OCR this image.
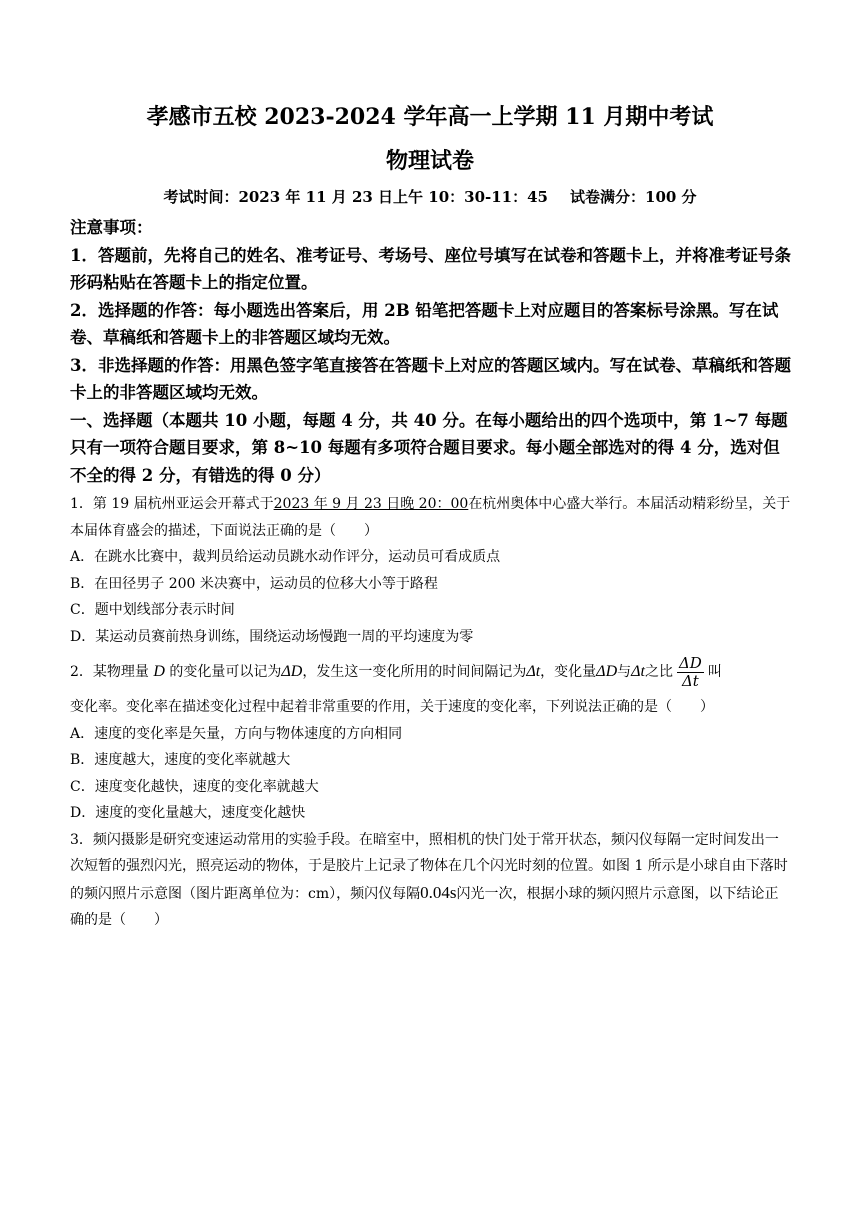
孝感市五校 2023-2024 学年高一上学期 11 月期中考试
物理试卷
考试时间：2023 年 11 月 23 日上午 10：30-11：45 试卷满分：100 分
注意事项：
1．答题前，先将自己的姓名、准考证号、考场号、座位号填写在试卷和答题卡上，并将准考证号条形码粘贴在答题卡上的指定位置。
2．选择题的作答：每小题选出答案后，用 2B 铅笔把答题卡上对应题目的答案标号涂黑。写在试卷、草稿纸和答题卡上的非答题区域均无效。
3．非选择题的作答：用黑色签字笔直接答在答题卡上对应的答题区域内。写在试卷、草稿纸和答题卡上的非答题区域均无效。
一、选择题（本题共 10 小题，每题 4 分，共 40 分。在每小题给出的四个选项中，第 1~7 每题只有一项符合题目要求，第 8~10 每题有多项符合题目要求。每小题全部选对的得 4 分，选对但不全的得 2 分，有错选的得 0 分）
1．第 19 届杭州亚运会开幕式于2023 年 9 月 23 日晚 20：00在杭州奥体中心盛大举行。本届活动精彩纷呈，关于本届体育盛会的描述，下面说法正确的是（　　）
A．在跳水比赛中，裁判员给运动员跳水动作评分，运动员可看成质点
B．在田径男子 200 米决赛中，运动员的位移大小等于路程
C．题中划线部分表示时间
D．某运动员赛前热身训练，围绕运动场慢跑一周的平均速度为零
2．某物理量 D 的变化量可以记为ΔD，发生这一变化所用的时间间隔记为Δt，变化量ΔD与Δt之比 $\frac{\Delta D}{\Delta t}$ 叫
变化率。变化率在描述变化过程中起着非常重要的作用，关于速度的变化率，下列说法正确的是（　　）
A．速度的变化率是矢量，方向与物体速度的方向相同
B．速度越大，速度的变化率就越大
C．速度变化越快，速度的变化率就越大
D．速度的变化量越大，速度变化越快
3．频闪摄影是研究变速运动常用的实验手段。在暗室中，照相机的快门处于常开状态，频闪仪每隔一定时间发出一次短暂的强烈闪光，照亮运动的物体，于是胶片上记录了物体在几个闪光时刻的位置。如图 1 所示是小球自由下落时的频闪照片示意图（图片距离单位为：cm），频闪仪每隔0.04s闪光一次，根据小球的频闪照片示意图，以下结论正确的是（　　）
